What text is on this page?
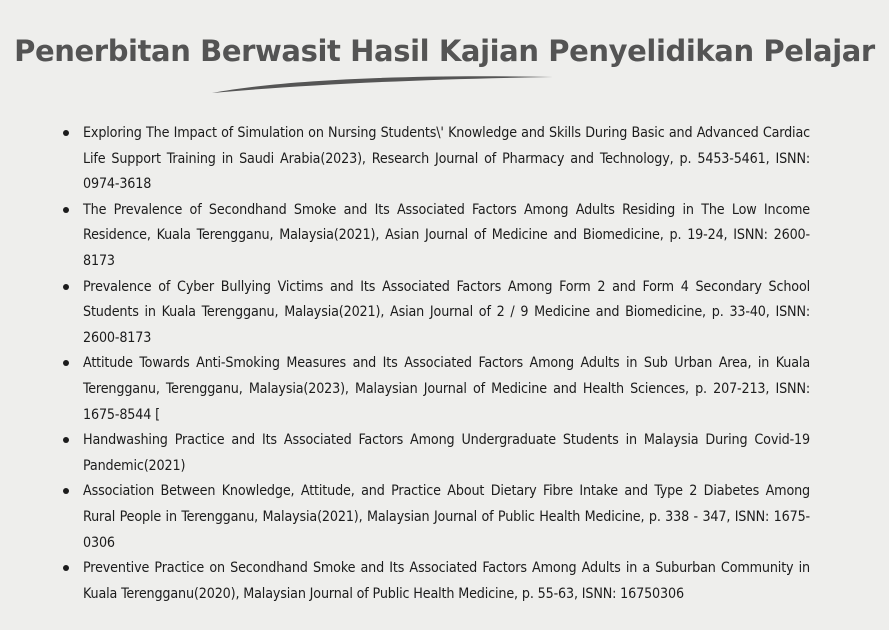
Penerbitan Berwasit Hasil Kajian Penyelidikan Pelajar
Exploring The Impact of Simulation on Nursing Students\' Knowledge and Skills During Basic and Advanced Cardiac Life Support Training in Saudi Arabia(2023), Research Journal of Pharmacy and Technology, p. 5453-5461, ISNN: 0974-3618
The Prevalence of Secondhand Smoke and Its Associated Factors Among Adults Residing in The Low Income Residence, Kuala Terengganu, Malaysia(2021), Asian Journal of Medicine and Biomedicine, p. 19-24, ISNN: 2600-8173
Prevalence of Cyber Bullying Victims and Its Associated Factors Among Form 2 and Form 4 Secondary School Students in Kuala Terengganu, Malaysia(2021), Asian Journal of 2 / 9 Medicine and Biomedicine, p. 33-40, ISNN: 2600-8173
Attitude Towards Anti-Smoking Measures and Its Associated Factors Among Adults in Sub Urban Area, in Kuala Terengganu, Terengganu, Malaysia(2023), Malaysian Journal of Medicine and Health Sciences, p. 207-213, ISNN: 1675-8544 [
Handwashing Practice and Its Associated Factors Among Undergraduate Students in Malaysia During Covid-19 Pandemic(2021)
Association Between Knowledge, Attitude, and Practice About Dietary Fibre Intake and Type 2 Diabetes Among Rural People in Terengganu, Malaysia(2021), Malaysian Journal of Public Health Medicine, p. 338 - 347, ISNN: 1675-0306
Preventive Practice on Secondhand Smoke and Its Associated Factors Among Adults in a Suburban Community in Kuala Terengganu(2020), Malaysian Journal of Public Health Medicine, p. 55-63, ISNN: 16750306
